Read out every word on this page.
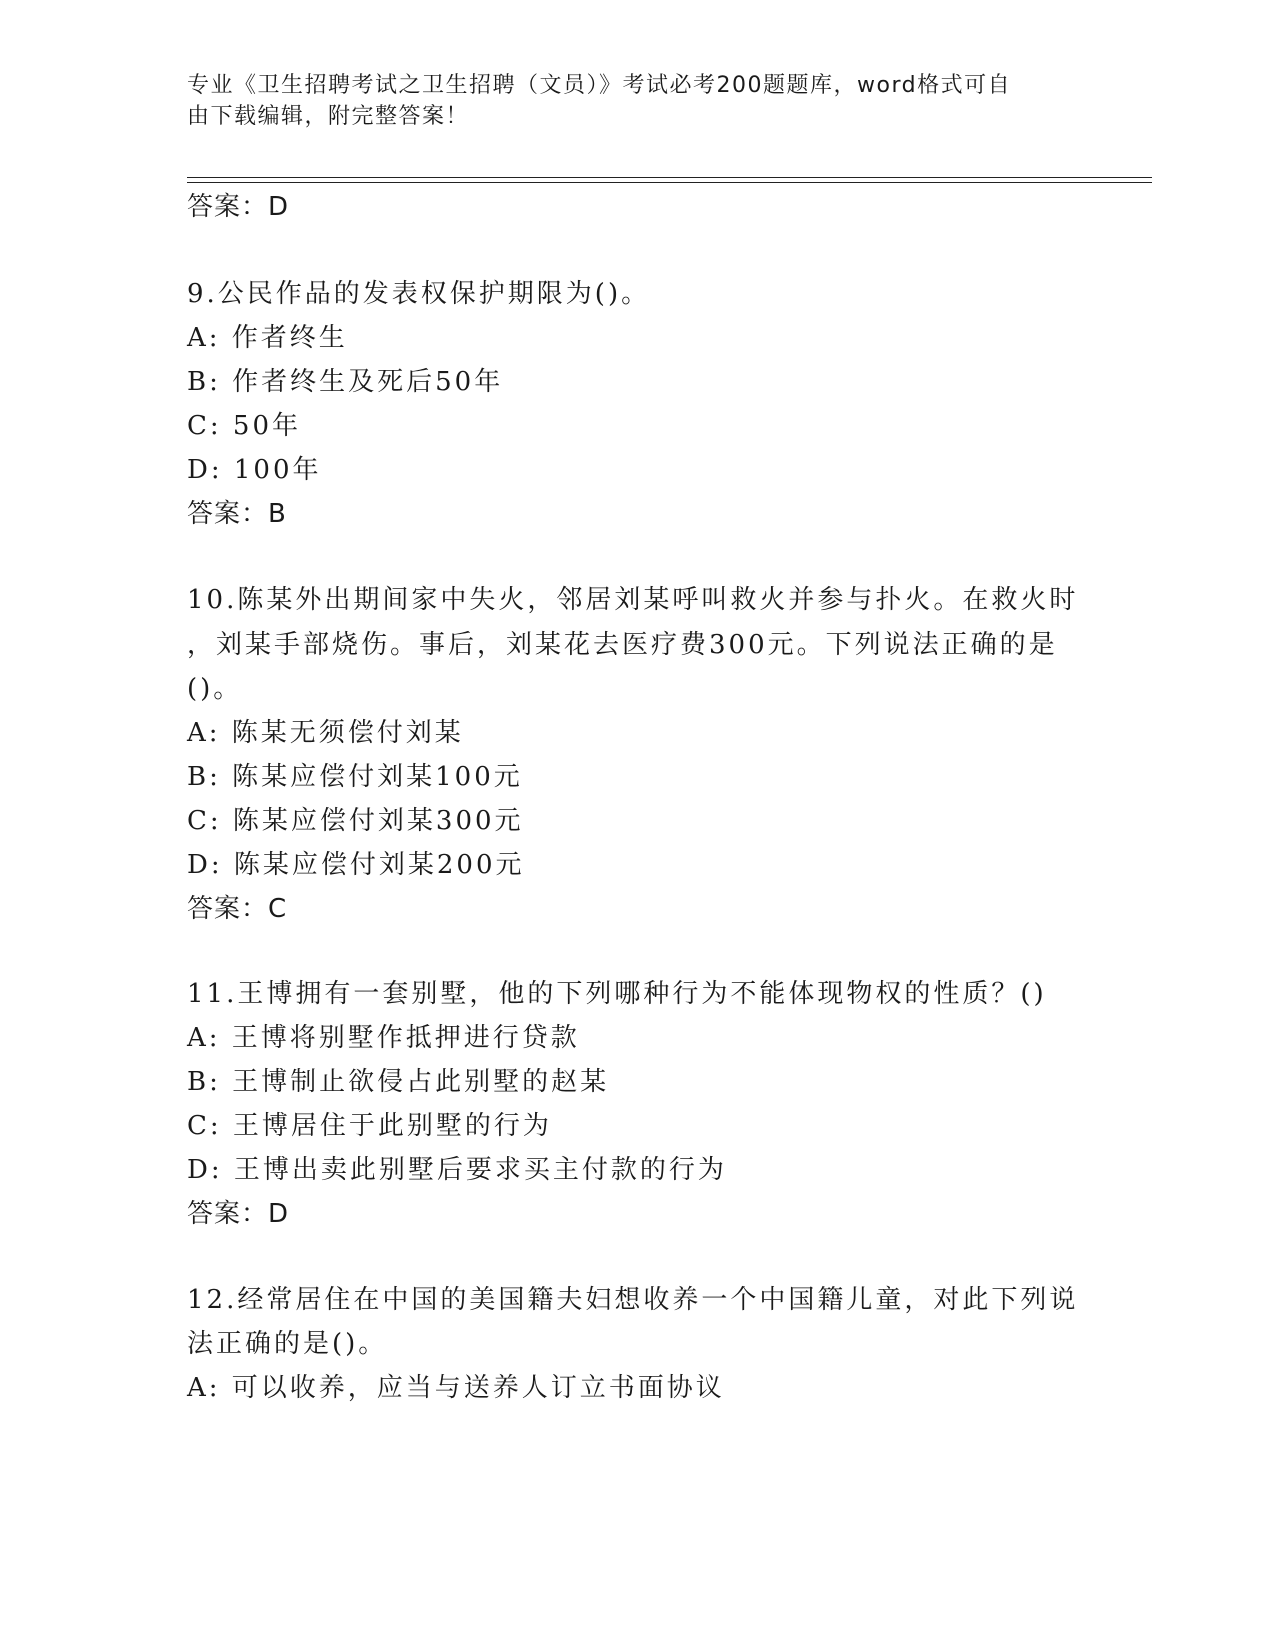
专业《卫生招聘考试之卫生招聘（文员）》考试必考200题题库，word格式可自
由下载编辑，附完整答案！
答案：D
9.公民作品的发表权保护期限为()。
A: 作者终生
B: 作者终生及死后50年
C: 50年
D: 100年
答案：B
10.陈某外出期间家中失火，邻居刘某呼叫救火并参与扑火。在救火时
，刘某手部烧伤。事后，刘某花去医疗费300元。下列说法正确的是
()。
A: 陈某无须偿付刘某
B: 陈某应偿付刘某100元
C: 陈某应偿付刘某300元
D: 陈某应偿付刘某200元
答案：C
11.王博拥有一套别墅，他的下列哪种行为不能体现物权的性质？()
A: 王博将别墅作抵押进行贷款
B: 王博制止欲侵占此别墅的赵某
C: 王博居住于此别墅的行为
D: 王博出卖此别墅后要求买主付款的行为
答案：D
12.经常居住在中国的美国籍夫妇想收养一个中国籍儿童，对此下列说
法正确的是()。
A: 可以收养，应当与送养人订立书面协议
